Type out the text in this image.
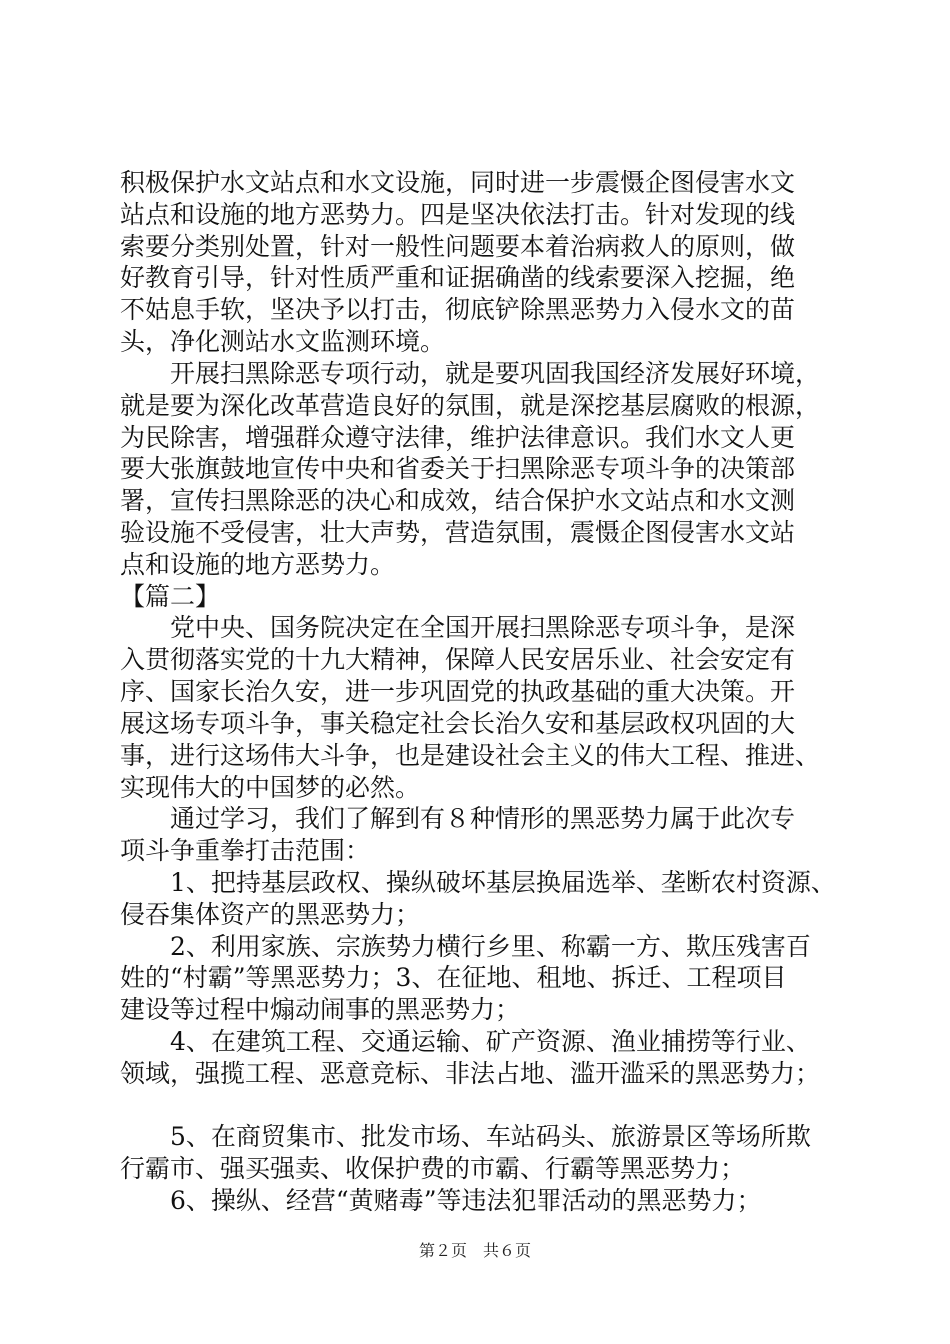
积极保护水文站点和水文设施，同时进一步震慑企图侵害水文
站点和设施的地方恶势力。四是坚决依法打击。针对发现的线
索要分类别处置，针对一般性问题要本着治病救人的原则，做
好教育引导，针对性质严重和证据确凿的线索要深入挖掘，绝
不姑息手软，坚决予以打击，彻底铲除黑恶势力入侵水文的苗
头，净化测站水文监测环境。
　　开展扫黑除恶专项行动，就是要巩固我国经济发展好环境，
就是要为深化改革营造良好的氛围，就是深挖基层腐败的根源，
为民除害，增强群众遵守法律，维护法律意识。我们水文人更
要大张旗鼓地宣传中央和省委关于扫黑除恶专项斗争的决策部
署，宣传扫黑除恶的决心和成效，结合保护水文站点和水文测
验设施不受侵害，壮大声势，营造氛围，震慑企图侵害水文站
点和设施的地方恶势力。
【篇二】
　　党中央、国务院决定在全国开展扫黑除恶专项斗争，是深
入贯彻落实党的十九大精神，保障人民安居乐业、社会安定有
序、国家长治久安，进一步巩固党的执政基础的重大决策。开
展这场专项斗争，事关稳定社会长治久安和基层政权巩固的大
事，进行这场伟大斗争，也是建设社会主义的伟大工程、推进、
实现伟大的中国梦的必然。
　　通过学习，我们了解到有８种情形的黑恶势力属于此次专
项斗争重拳打击范围：
　　1、把持基层政权、操纵破坏基层换届选举、垄断农村资源、
侵吞集体资产的黑恶势力；
　　2、利用家族、宗族势力横行乡里、称霸一方、欺压残害百
姓的“村霸”等黑恶势力；3、在征地、租地、拆迁、工程项目
建设等过程中煽动闹事的黑恶势力；
　　4、在建筑工程、交通运输、矿产资源、渔业捕捞等行业、
领域，强揽工程、恶意竞标、非法占地、滥开滥采的黑恶势力；
　　5、在商贸集市、批发市场、车站码头、旅游景区等场所欺
行霸市、强买强卖、收保护费的市霸、行霸等黑恶势力；
　　6、操纵、经营“黄赌毒”等违法犯罪活动的黑恶势力；
第２页　共６页
